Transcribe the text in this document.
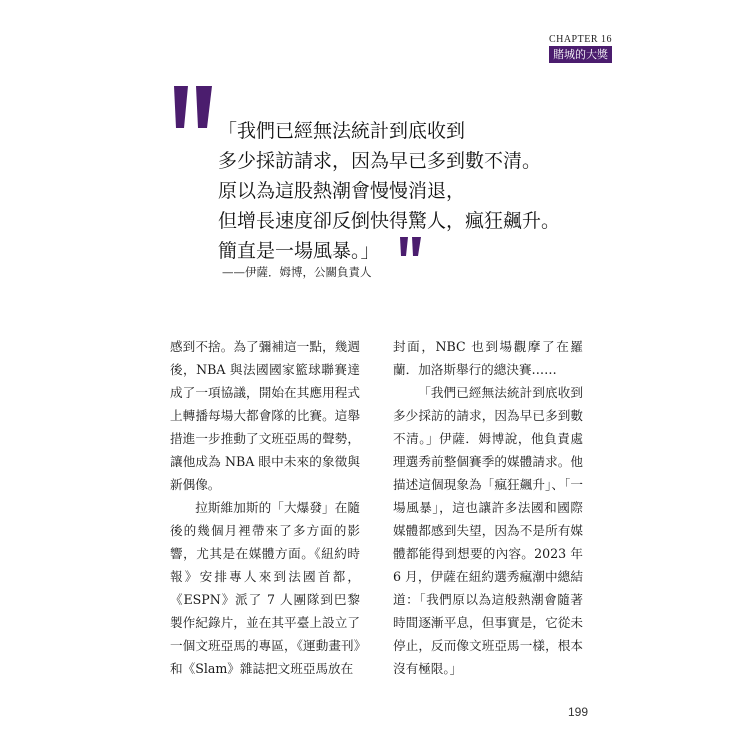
CHAPTER 16
賭城的大獎
「我們已經無法統計到底收到
多少採訪請求，因為早已多到數不清。
原以為這股熱潮會慢慢消退，
但增長速度卻反倒快得驚人，瘋狂飆升。
簡直是一場風暴。」
——伊薩．姆博，公關負責人

感到不捨。為了彌補這一點，幾週後，NBA 與法國國家籃球聯賽達成了一項協議，開始在其應用程式上轉播每場大都會隊的比賽。這舉措進一步推動了文班亞馬的聲勢，讓他成為 NBA 眼中未來的象徵與新偶像。

拉斯維加斯的「大爆發」在隨後的幾個月裡帶來了多方面的影響，尤其是在媒體方面。《紐約時報》安排專人來到法國首都，《ESPN》派了 7 人團隊到巴黎製作紀錄片，並在其平臺上設立了一個文班亞馬的專區，《運動畫刊》和《Slam》雜誌把文班亞馬放在

封面，NBC 也到場觀摩了在羅蘭．加洛斯舉行的總決賽……

「我們已經無法統計到底收到多少採訪的請求，因為早已多到數不清。」伊薩．姆博說，他負責處理選秀前整個賽季的媒體請求。他描述這個現象為「瘋狂飆升」、「一場風暴」，這也讓許多法國和國際媒體都感到失望，因為不是所有媒體都能得到想要的內容。2023 年 6 月，伊薩在紐約選秀瘋潮中總結道：「我們原以為這般熱潮會隨著時間逐漸平息，但事實是，它從未停止，反而像文班亞馬一樣，根本沒有極限。」

199
